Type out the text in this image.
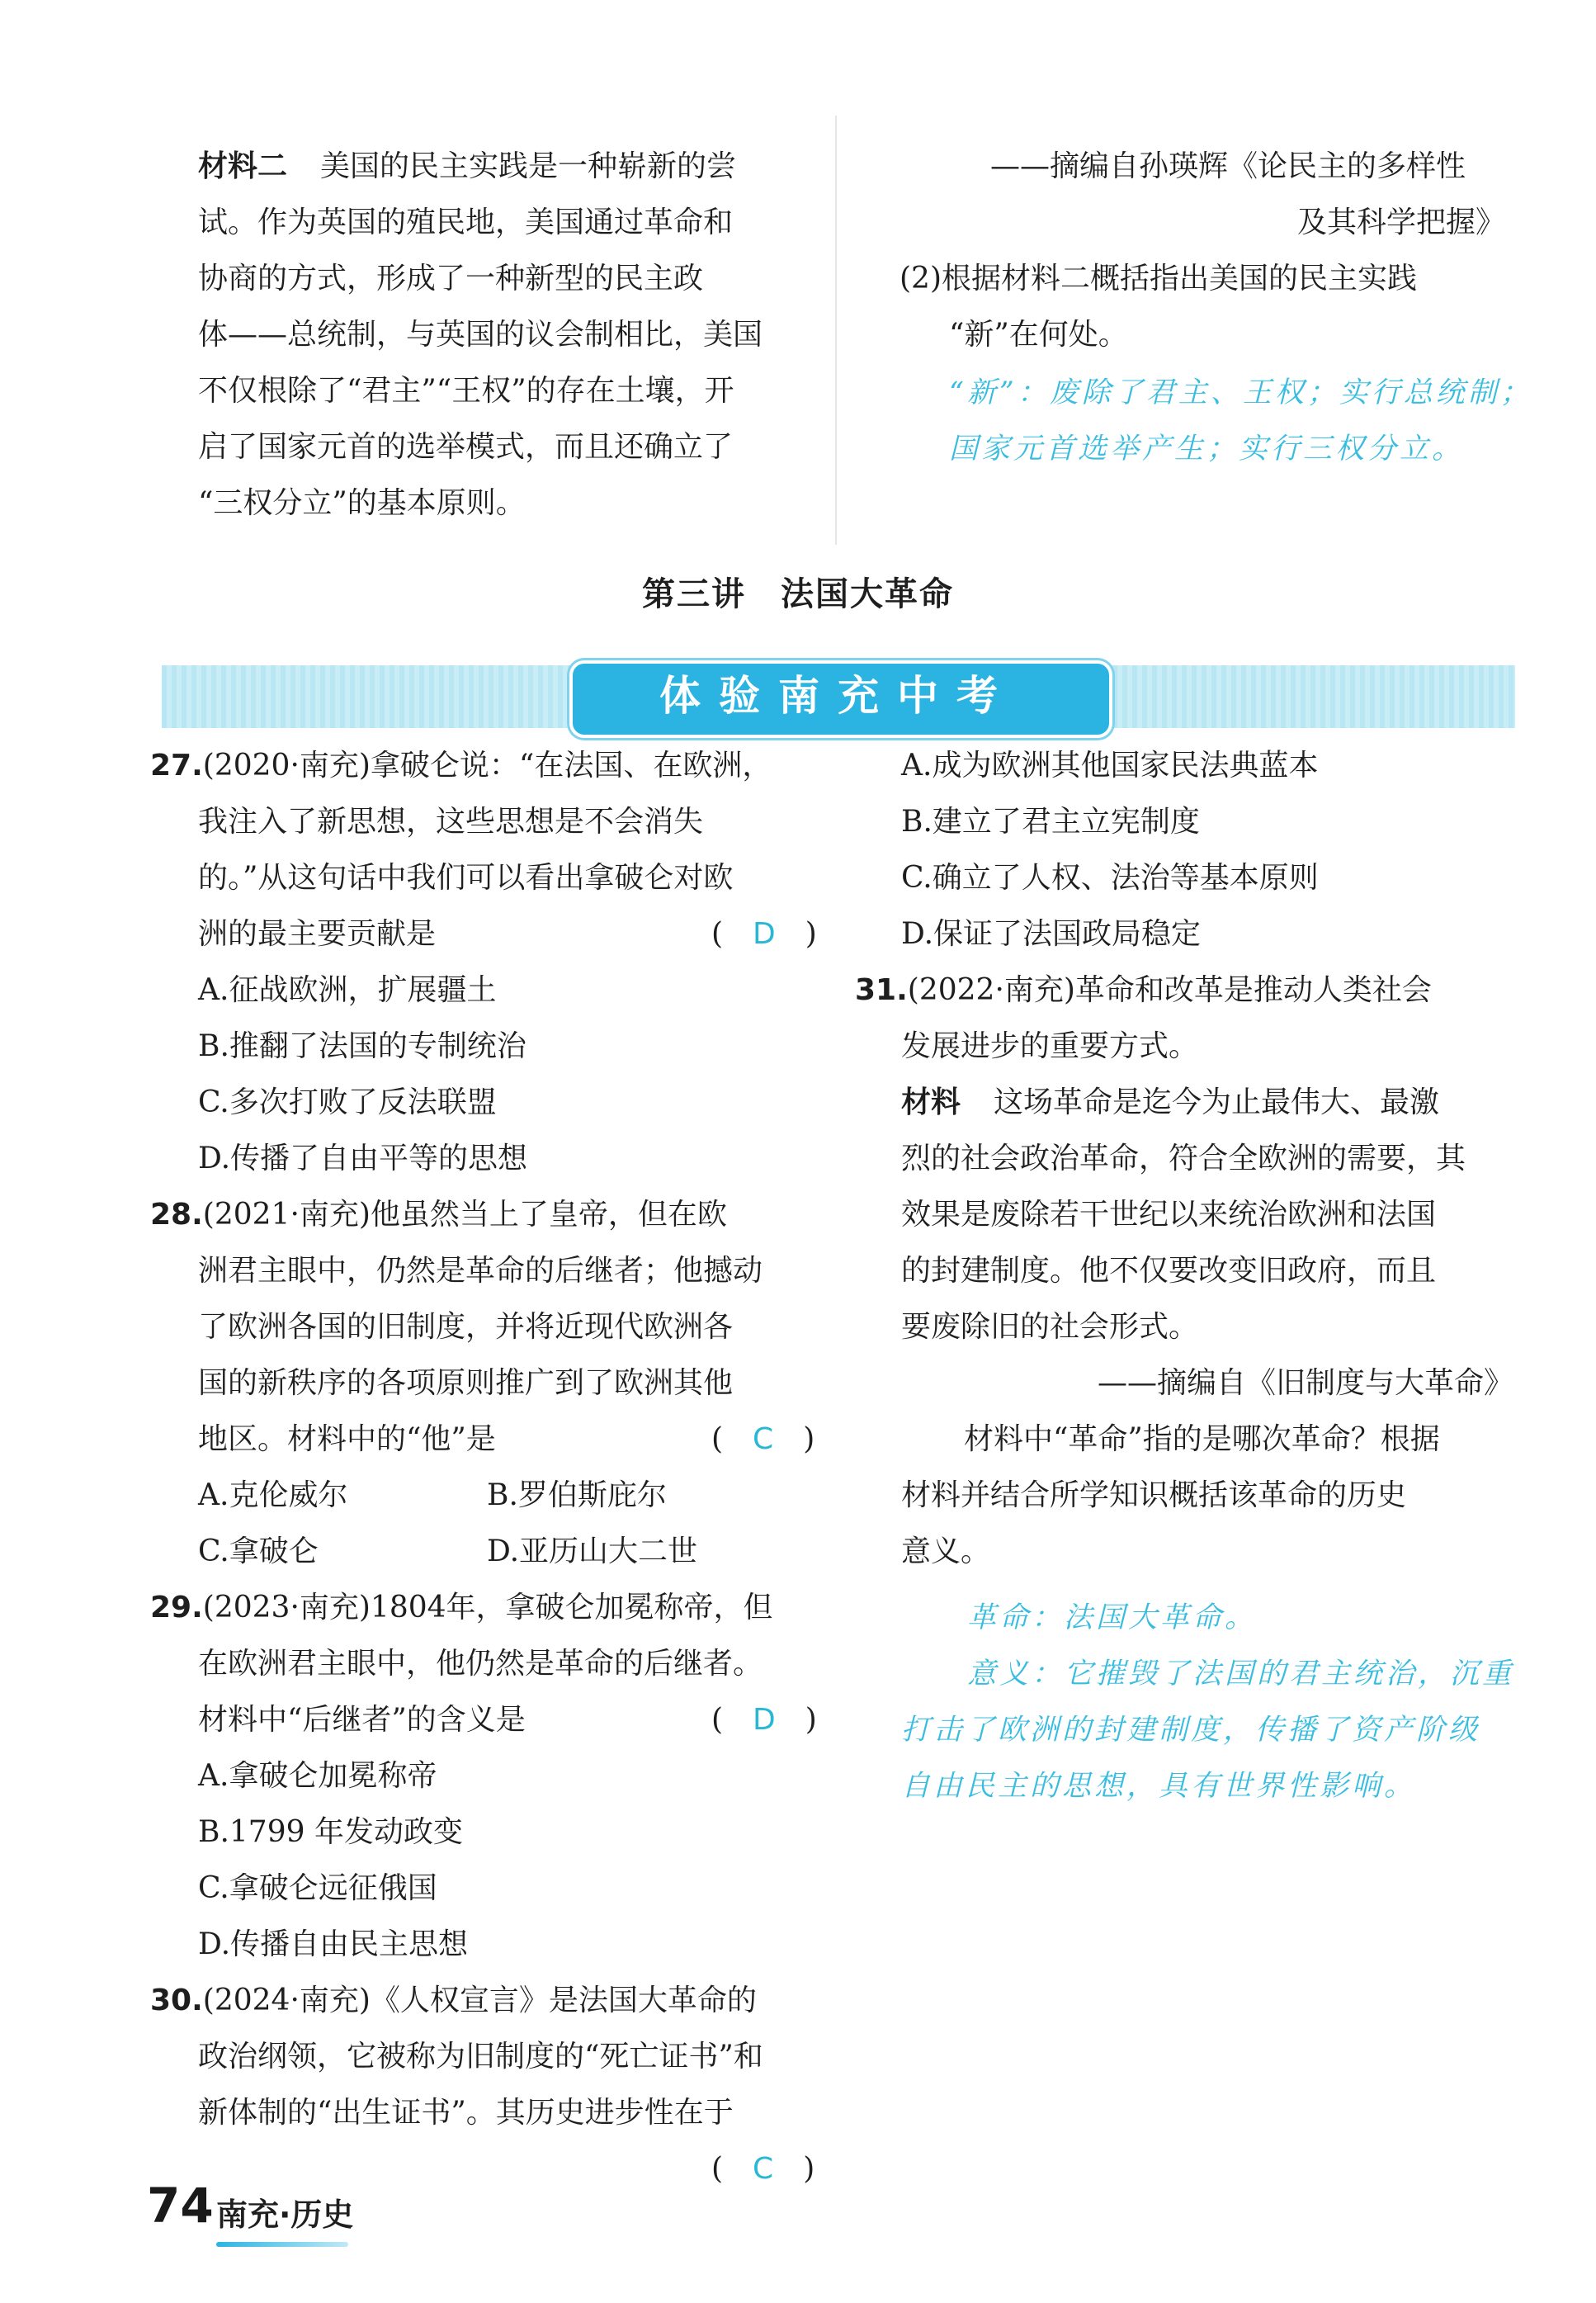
材料二 美国的民主实践是一种崭新的尝
试。作为英国的殖民地，美国通过革命和
协商的方式，形成了一种新型的民主政
体——总统制，与英国的议会制相比，美国
不仅根除了“君主”“王权”的存在土壤，开
启了国家元首的选举模式，而且还确立了
“三权分立”的基本原则。
——摘编自孙瑛辉《论民主的多样性
及其科学把握》
(2)根据材料二概括指出美国的民主实践
“新”在何处。
“新”：废除了君主、王权；实行总统制；
国家元首选举产生；实行三权分立。
第三讲　法国大革命
体验南充中考
27.(2020·南充)拿破仑说：“在法国、在欧洲，
我注入了新思想，这些思想是不会消失
的。”从这句话中我们可以看出拿破仑对欧
洲的最主要贡献是	(　D　)
A.征战欧洲，扩展疆土
B.推翻了法国的专制统治
C.多次打败了反法联盟
D.传播了自由平等的思想
28.(2021·南充)他虽然当上了皇帝，但在欧
洲君主眼中，仍然是革命的后继者；他撼动
了欧洲各国的旧制度，并将近现代欧洲各
国的新秩序的各项原则推广到了欧洲其他
地区。材料中的“他”是	(　C　)
A.克伦威尔	B.罗伯斯庇尔
C.拿破仑	D.亚历山大二世
29.(2023·南充)1804年，拿破仑加冕称帝，但
在欧洲君主眼中，他仍然是革命的后继者。
材料中“后继者”的含义是	(　D　)
A.拿破仑加冕称帝
B.1799 年发动政变
C.拿破仑远征俄国
D.传播自由民主思想
30.(2024·南充)《人权宣言》是法国大革命的
政治纲领，它被称为旧制度的“死亡证书”和
新体制的“出生证书”。其历史进步性在于
(　C　)
A.成为欧洲其他国家民法典蓝本
B.建立了君主立宪制度
C.确立了人权、法治等基本原则
D.保证了法国政局稳定
31.(2022·南充)革命和改革是推动人类社会
发展进步的重要方式。
材料 这场革命是迄今为止最伟大、最激
烈的社会政治革命，符合全欧洲的需要，其
效果是废除若干世纪以来统治欧洲和法国
的封建制度。他不仅要改变旧政府，而且
要废除旧的社会形式。
——摘编自《旧制度与大革命》
材料中“革命”指的是哪次革命？根据
材料并结合所学知识概括该革命的历史
意义。
革命：法国大革命。
意义：它摧毁了法国的君主统治，沉重
打击了欧洲的封建制度，传播了资产阶级
自由民主的思想，具有世界性影响。
74 南充·历史
